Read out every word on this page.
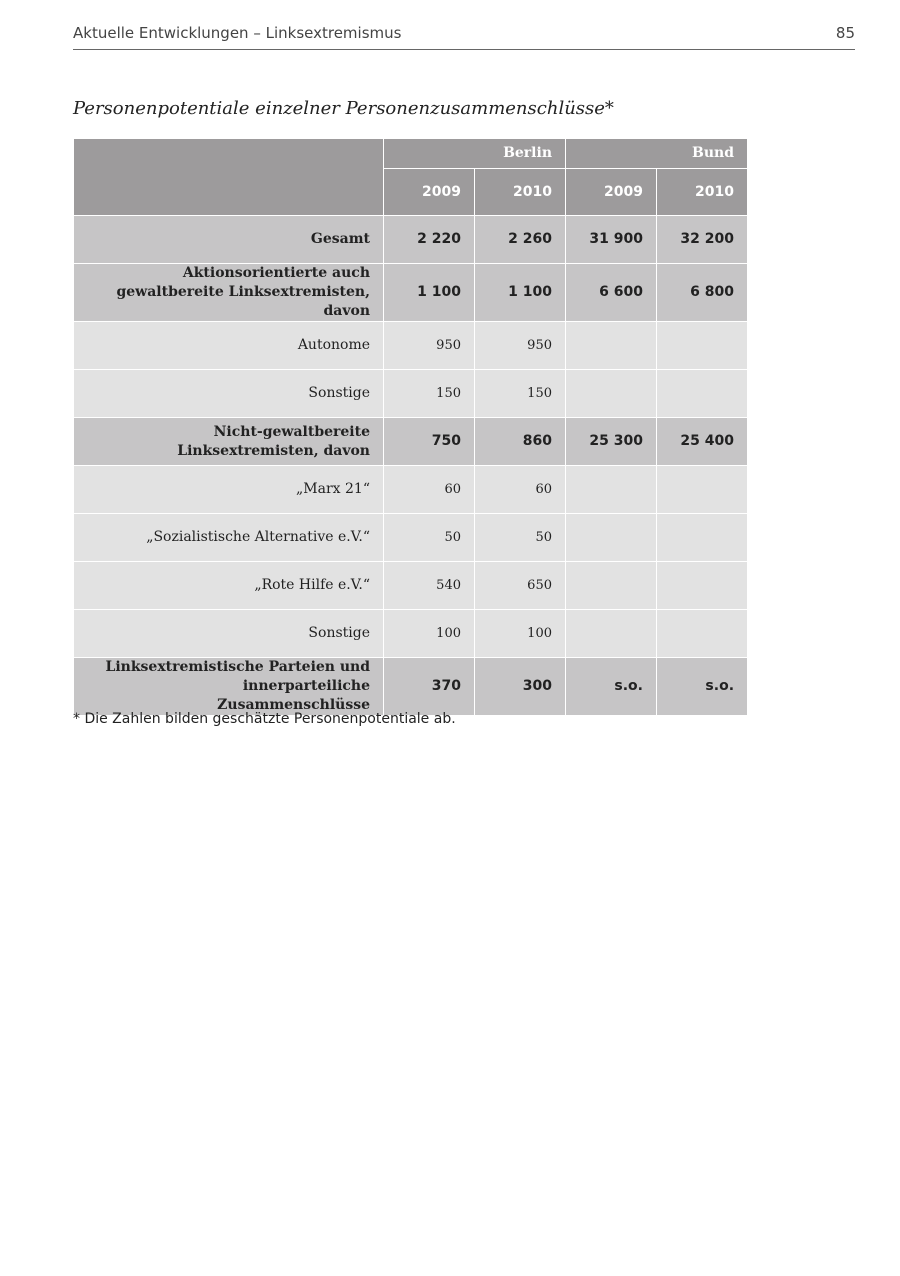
Aktuelle Entwicklungen – Linksextremismus	85
Personenpotentiale einzelner Personenzusammenschlüsse*
	Berlin		Bund	
	2009	2010	2009	2010
Gesamt	2 220	2 260	31 900	32 200
Aktionsorientierte auch gewaltbereite Linksextremisten, davon	1 100	1 100	6 600	6 800
Autonome	950	950		
Sonstige	150	150		
Nicht-gewaltbereite Linksextremisten, davon	750	860	25 300	25 400
„Marx 21“	60	60		
„Sozialistische Alternative e.V.“	50	50		
„Rote Hilfe e.V.“	540	650		
Sonstige	100	100		
Linksextremistische Parteien und innerparteiliche Zusammenschlüsse	370	300	s.o.	s.o.
* Die Zahlen bilden geschätzte Personenpotentiale ab.
